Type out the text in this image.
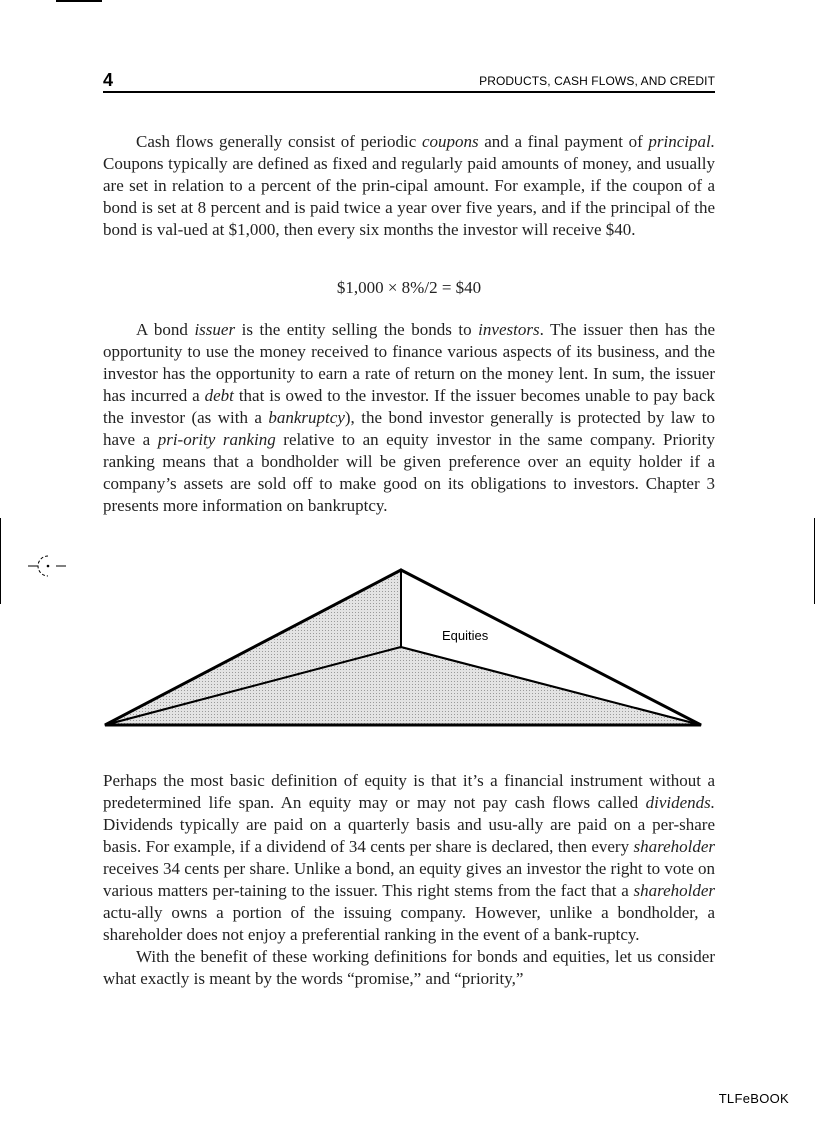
4	PRODUCTS, CASH FLOWS, AND CREDIT

Cash flows generally consist of periodic coupons and a final payment of principal. Coupons typically are defined as fixed and regularly paid amounts of money, and usually are set in relation to a percent of the prin-cipal amount. For example, if the coupon of a bond is set at 8 percent and is paid twice a year over five years, and if the principal of the bond is val-ued at $1,000, then every six months the investor will receive $40.

$1,000 × 8%/2 = $40

A bond issuer is the entity selling the bonds to investors. The issuer then has the opportunity to use the money received to finance various aspects of its business, and the investor has the opportunity to earn a rate of return on the money lent. In sum, the issuer has incurred a debt that is owed to the investor. If the issuer becomes unable to pay back the investor (as with a bankruptcy), the bond investor generally is protected by law to have a pri-ority ranking relative to an equity investor in the same company. Priority ranking means that a bondholder will be given preference over an equity holder if a company’s assets are sold off to make good on its obligations to investors. Chapter 3 presents more information on bankruptcy.

Equities

Perhaps the most basic definition of equity is that it’s a financial instrument without a predetermined life span. An equity may or may not pay cash flows called dividends. Dividends typically are paid on a quarterly basis and usu-ally are paid on a per-share basis. For example, if a dividend of 34 cents per share is declared, then every shareholder receives 34 cents per share. Unlike a bond, an equity gives an investor the right to vote on various matters per-taining to the issuer. This right stems from the fact that a shareholder actu-ally owns a portion of the issuing company. However, unlike a bondholder, a shareholder does not enjoy a preferential ranking in the event of a bank-ruptcy.

With the benefit of these working definitions for bonds and equities, let us consider what exactly is meant by the words “promise,” and “priority,”

TLFeBOOK
